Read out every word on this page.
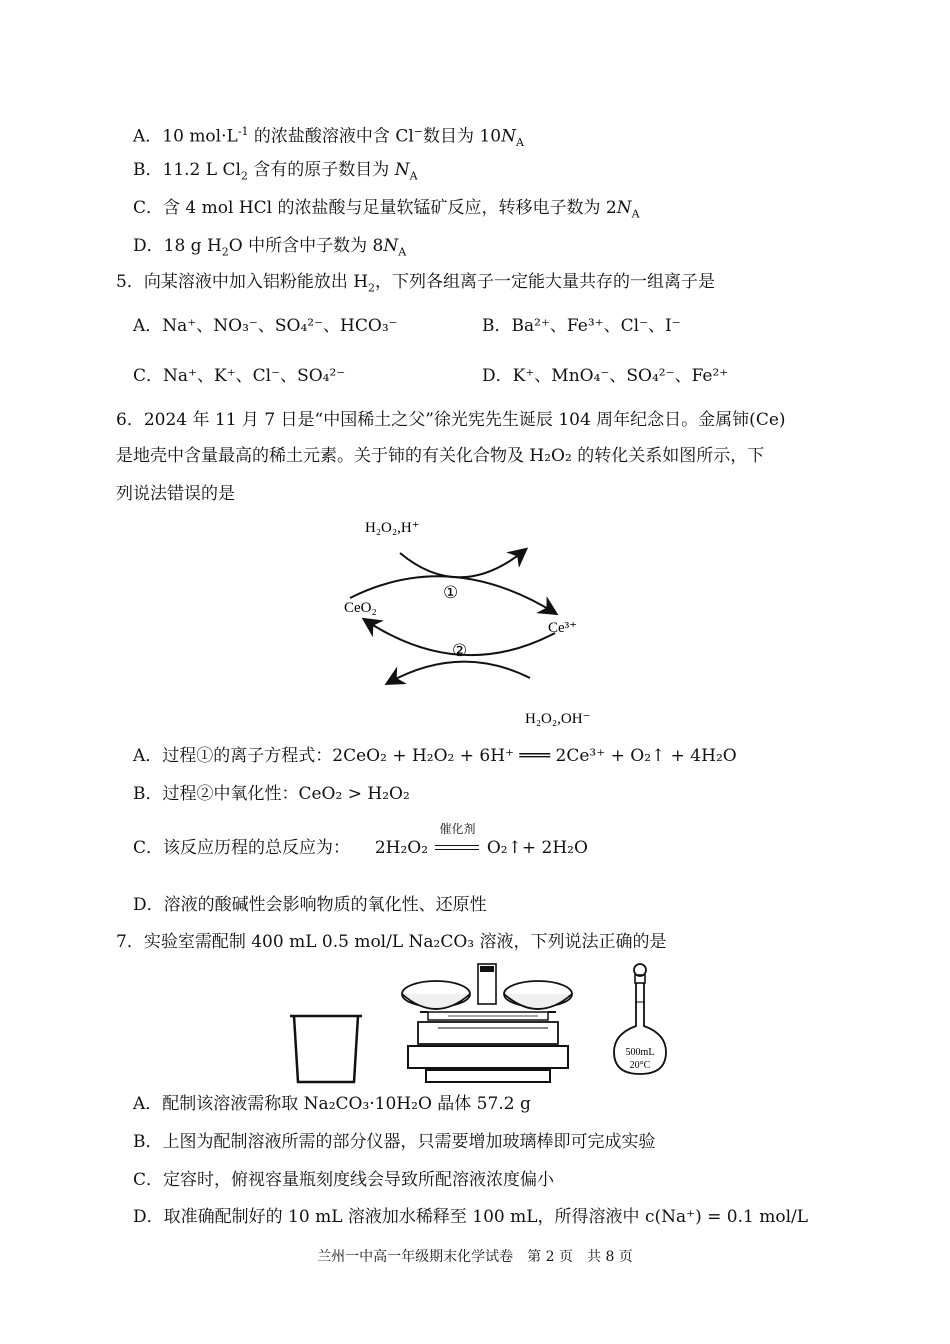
A．10 $mol\cdot L^{-1}$ 的浓盐酸溶液中含 Cl−数目为 $10N_A$
B．11.2 L $Cl_2$ 含有的原子数目为 $N_A$
C．含 4 mol HCl 的浓盐酸与足量软锰矿反应，转移电子数为 $2N_A$
D．18 g $H_2O$ 中所含中子数为 $8N_A$
5．向某溶液中加入铝粉能放出 $H_2$，下列各组离子一定能大量共存的一组离子是
A．Na⁺、NO₃⁻、SO₄²⁻、HCO₃⁻	B．Ba²⁺、Fe³⁺、Cl⁻、I⁻
C．Na⁺、K⁺、Cl⁻、SO₄²⁻	D．K⁺、MnO₄⁻、SO₄²⁻、Fe²⁺
6．2024 年 11 月 7 日是“中国稀土之父”徐光宪先生诞辰 104 周年纪念日。金属铈(Ce)
是地壳中含量最高的稀土元素。关于铈的有关化合物及 H₂O₂ 的转化关系如图所示，下
列说法错误的是
H₂O₂,H⁺
CeO₂
Ce³⁺
H₂O₂,OH⁻
①
②
A．过程①的离子方程式：2CeO₂ + H₂O₂ + 6H⁺ ═══ 2Ce³⁺ + O₂↑ + 4H₂O
B．过程②中氧化性：CeO₂ > H₂O₂
C．该反应历程的总反应为： 2H₂O₂
催化剂
O₂↑+ 2H₂O
D．溶液的酸碱性会影响物质的氧化性、还原性
7．实验室需配制 400 mL 0.5 mol/L Na₂CO₃ 溶液，下列说法正确的是
500mL
20°C
A．配制该溶液需称取 Na₂CO₃·10H₂O 晶体 57.2 g
B．上图为配制溶液所需的部分仪器，只需要增加玻璃棒即可完成实验
C．定容时，俯视容量瓶刻度线会导致所配溶液浓度偏小
D．取准确配制好的 10 mL 溶液加水稀释至 100 mL，所得溶液中 c(Na⁺) = 0.1 mol/L
兰州一中高一年级期末化学试卷　第 2 页　共 8 页
